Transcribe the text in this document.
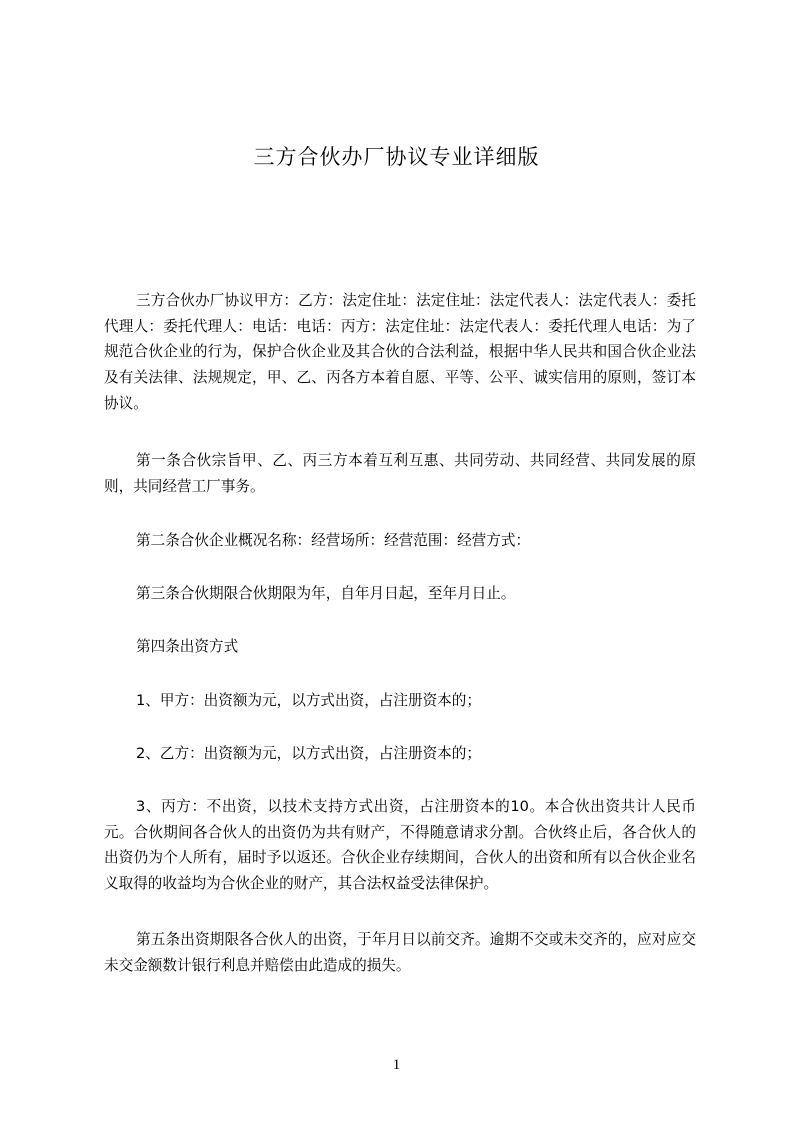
三方合伙办厂协议专业详细版

三方合伙办厂协议甲方：乙方：法定住址：法定住址：法定代表人：法定代表人：委托代理人：委托代理人：电话：电话：丙方：法定住址：法定代表人：委托代理人电话：为了规范合伙企业的行为，保护合伙企业及其合伙的合法利益，根据中华人民共和国合伙企业法及有关法律、法规规定，甲、乙、丙各方本着自愿、平等、公平、诚实信用的原则，签订本协议。

第一条合伙宗旨甲、乙、丙三方本着互利互惠、共同劳动、共同经营、共同发展的原则，共同经营工厂事务。

第二条合伙企业概况名称：经营场所：经营范围：经营方式：

第三条合伙期限合伙期限为年，自年月日起，至年月日止。

第四条出资方式

1、甲方：出资额为元，以方式出资，占注册资本的；

2、乙方：出资额为元，以方式出资，占注册资本的；

3、丙方：不出资，以技术支持方式出资，占注册资本的10。本合伙出资共计人民币元。合伙期间各合伙人的出资仍为共有财产，不得随意请求分割。合伙终止后，各合伙人的出资仍为个人所有，届时予以返还。合伙企业存续期间，合伙人的出资和所有以合伙企业名义取得的收益均为合伙企业的财产，其合法权益受法律保护。

第五条出资期限各合伙人的出资，于年月日以前交齐。逾期不交或未交齐的，应对应交未交金额数计银行利息并赔偿由此造成的损失。

1
